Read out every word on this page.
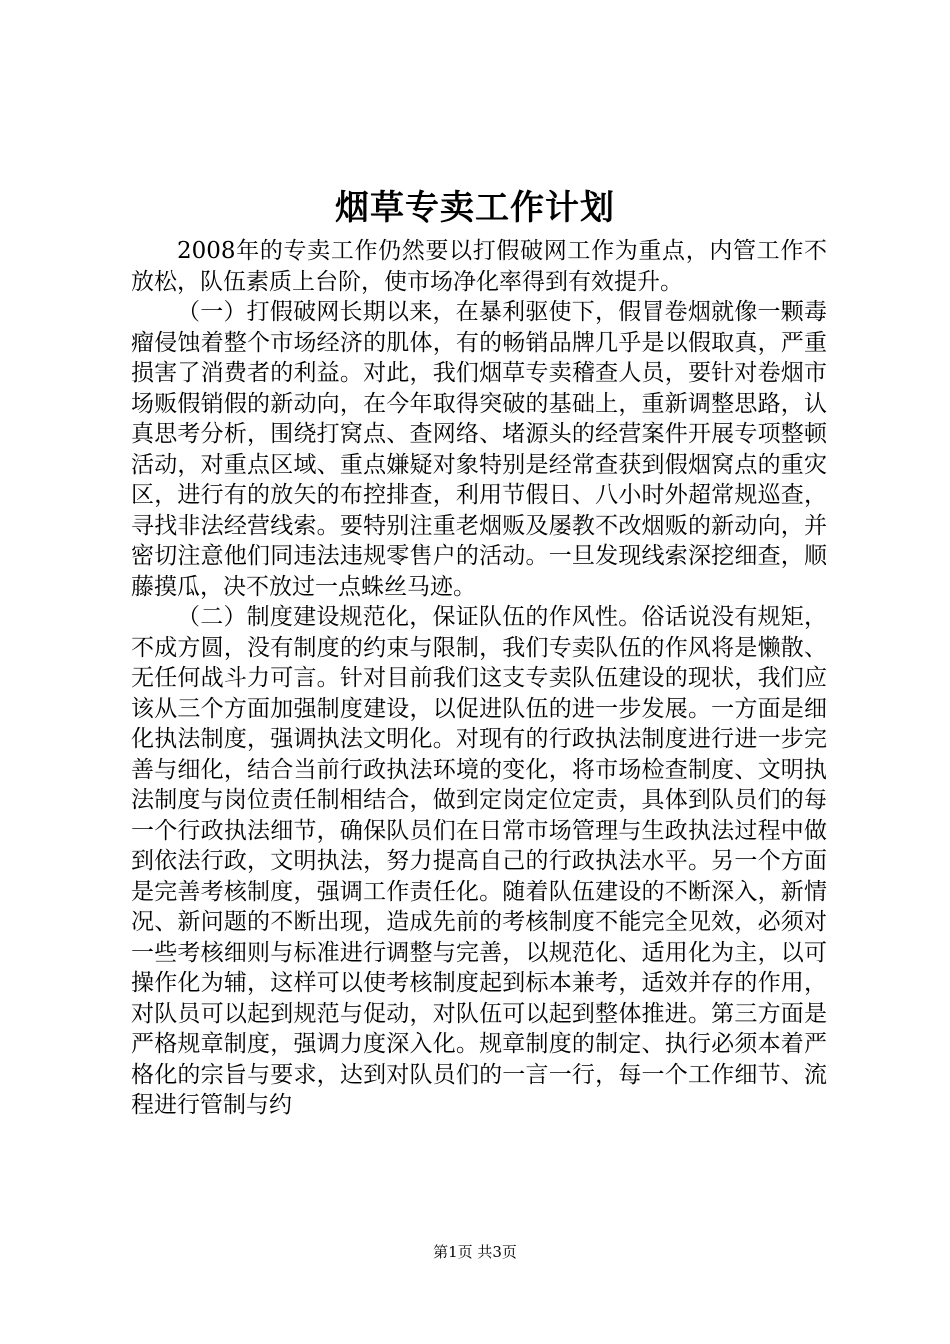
烟草专卖工作计划

2008年的专卖工作仍然要以打假破网工作为重点，内管工作不放松，队伍素质上台阶，使市场净化率得到有效提升。

（一）打假破网长期以来，在暴利驱使下，假冒卷烟就像一颗毒瘤侵蚀着整个市场经济的肌体，有的畅销品牌几乎是以假取真，严重损害了消费者的利益。对此，我们烟草专卖稽查人员，要针对卷烟市场贩假销假的新动向，在今年取得突破的基础上，重新调整思路，认真思考分析，围绕打窝点、查网络、堵源头的经营案件开展专项整顿活动，对重点区域、重点嫌疑对象特别是经常查获到假烟窝点的重灾区，进行有的放矢的布控排查，利用节假日、八小时外超常规巡查，寻找非法经营线索。要特别注重老烟贩及屡教不改烟贩的新动向，并密切注意他们同违法违规零售户的活动。一旦发现线索深挖细查，顺藤摸瓜，决不放过一点蛛丝马迹。

（二）制度建设规范化，保证队伍的作风性。俗话说没有规矩，不成方圆，没有制度的约束与限制，我们专卖队伍的作风将是懒散、无任何战斗力可言。针对目前我们这支专卖队伍建设的现状，我们应该从三个方面加强制度建设，以促进队伍的进一步发展。一方面是细化执法制度，强调执法文明化。对现有的行政执法制度进行进一步完善与细化，结合当前行政执法环境的变化，将市场检查制度、文明执法制度与岗位责任制相结合，做到定岗定位定责，具体到队员们的每一个行政执法细节，确保队员们在日常市场管理与生政执法过程中做到依法行政，文明执法，努力提高自己的行政执法水平。另一个方面是完善考核制度，强调工作责任化。随着队伍建设的不断深入，新情况、新问题的不断出现，造成先前的考核制度不能完全见效，必须对一些考核细则与标准进行调整与完善，以规范化、适用化为主，以可操作化为辅，这样可以使考核制度起到标本兼考，适效并存的作用，对队员可以起到规范与促动，对队伍可以起到整体推进。第三方面是严格规章制度，强调力度深入化。规章制度的制定、执行必须本着严格化的宗旨与要求，达到对队员们的一言一行，每一个工作细节、流程进行管制与约

第1页 共3页
